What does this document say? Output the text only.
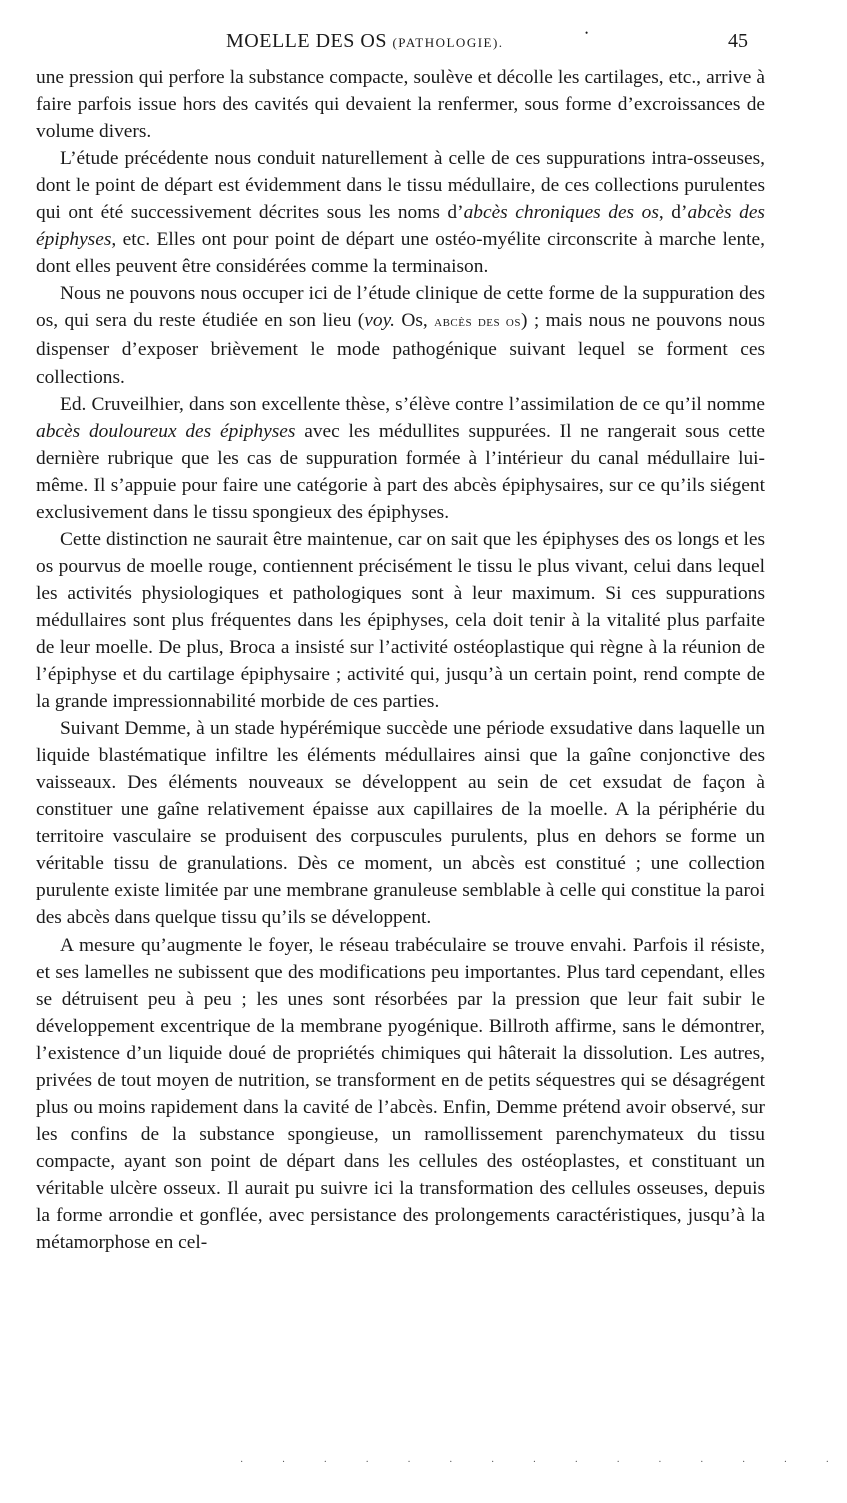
•
MOELLE DES OS (PATHOLOGIE).	45

une pression qui perfore la substance compacte, soulève et décolle les cartilages, etc., arrive à faire parfois issue hors des cavités qui devaient la renfermer, sous forme d’excroissances de volume divers.

L’étude précédente nous conduit naturellement à celle de ces suppurations intra-osseuses, dont le point de départ est évidemment dans le tissu médullaire, de ces collections purulentes qui ont été successivement décrites sous les noms d’abcès chroniques des os, d’abcès des épiphyses, etc. Elles ont pour point de départ une ostéo-myélite circonscrite à marche lente, dont elles peuvent être considérées comme la terminaison.

Nous ne pouvons nous occuper ici de l’étude clinique de cette forme de la suppuration des os, qui sera du reste étudiée en son lieu (voy. Os, abcès des os) ; mais nous ne pouvons nous dispenser d’exposer brièvement le mode pathogénique suivant lequel se forment ces collections.

Ed. Cruveilhier, dans son excellente thèse, s’élève contre l’assimilation de ce qu’il nomme abcès douloureux des épiphyses avec les médullites suppurées. Il ne rangerait sous cette dernière rubrique que les cas de suppuration formée à l’intérieur du canal médullaire lui-même. Il s’appuie pour faire une catégorie à part des abcès épiphysaires, sur ce qu’ils siégent exclusivement dans le tissu spongieux des épiphyses.

Cette distinction ne saurait être maintenue, car on sait que les épiphyses des os longs et les os pourvus de moelle rouge, contiennent précisément le tissu le plus vivant, celui dans lequel les activités physiologiques et pathologiques sont à leur maximum. Si ces suppurations médullaires sont plus fréquentes dans les épiphyses, cela doit tenir à la vitalité plus parfaite de leur moelle. De plus, Broca a insisté sur l’activité ostéoplastique qui règne à la réunion de l’épiphyse et du cartilage épiphysaire ; activité qui, jusqu’à un certain point, rend compte de la grande impressionnabilité morbide de ces parties.

Suivant Demme, à un stade hypérémique succède une période exsudative dans laquelle un liquide blastématique infiltre les éléments médullaires ainsi que la gaîne conjonctive des vaisseaux. Des éléments nouveaux se développent au sein de cet exsudat de façon à constituer une gaîne relativement épaisse aux capillaires de la moelle. A la périphérie du territoire vasculaire se produisent des corpuscules purulents, plus en dehors se forme un véritable tissu de granulations. Dès ce moment, un abcès est constitué ; une collection purulente existe limitée par une membrane granuleuse semblable à celle qui constitue la paroi des abcès dans quelque tissu qu’ils se développent.

A mesure qu’augmente le foyer, le réseau trabéculaire se trouve envahi. Parfois il résiste, et ses lamelles ne subissent que des modifications peu importantes. Plus tard cependant, elles se détruisent peu à peu ; les unes sont résorbées par la pression que leur fait subir le développement excentrique de la membrane pyogénique. Billroth affirme, sans le démontrer, l’existence d’un liquide doué de propriétés chimiques qui hâterait la dissolution. Les autres, privées de tout moyen de nutrition, se transforment en de petits séquestres qui se désagrégent plus ou moins rapidement dans la cavité de l’abcès. Enfin, Demme prétend avoir observé, sur les confins de la substance spongieuse, un ramollissement parenchymateux du tissu compacte, ayant son point de départ dans les cellules des ostéoplastes, et constituant un véritable ulcère osseux. Il aurait pu suivre ici la transformation des cellules osseuses, depuis la forme arrondie et gonflée, avec persistance des prolongements caractéristiques, jusqu’à la métamorphose en cel-

· · · · · · · · · · · · · · ·
